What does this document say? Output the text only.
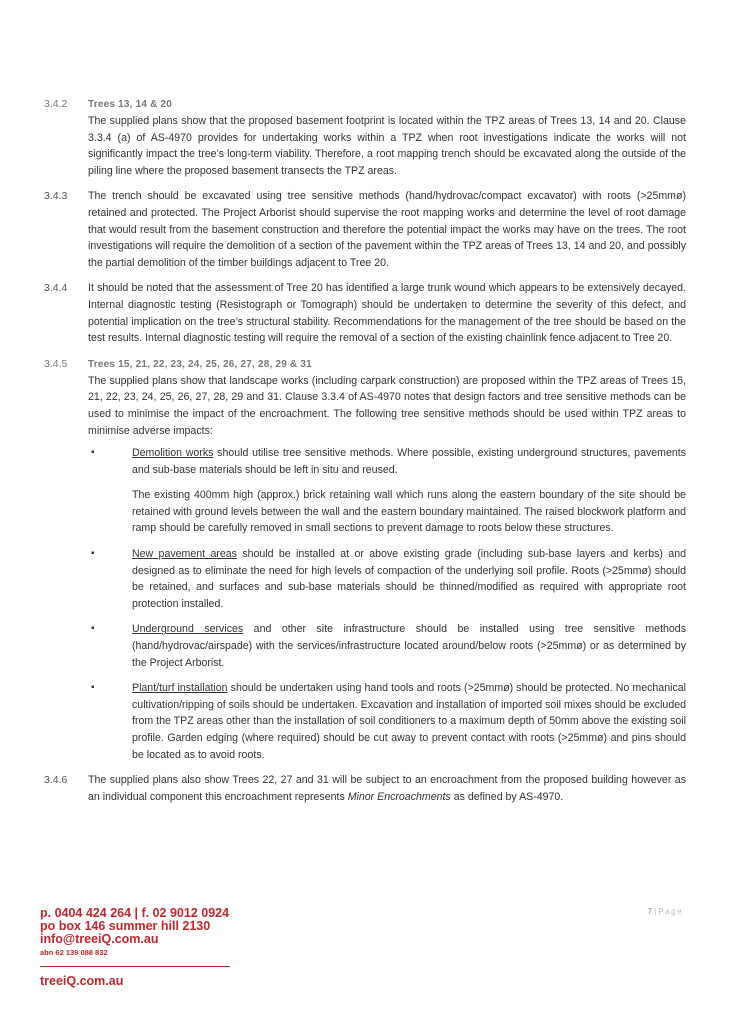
3.4.2 Trees 13, 14 & 20

The supplied plans show that the proposed basement footprint is located within the TPZ areas of Trees 13, 14 and 20. Clause 3.3.4 (a) of AS-4970 provides for undertaking works within a TPZ when root investigations indicate the works will not significantly impact the tree’s long-term viability. Therefore, a root mapping trench should be excavated along the outside of the piling line where the proposed basement transects the TPZ areas.

3.4.3 The trench should be excavated using tree sensitive methods (hand/hydrovac/compact excavator) with roots (>25mmø) retained and protected. The Project Arborist should supervise the root mapping works and determine the level of root damage that would result from the basement construction and therefore the potential impact the works may have on the trees. The root investigations will require the demolition of a section of the pavement within the TPZ areas of Trees 13, 14 and 20, and possibly the partial demolition of the timber buildings adjacent to Tree 20.

3.4.4 It should be noted that the assessment of Tree 20 has identified a large trunk wound which appears to be extensively decayed. Internal diagnostic testing (Resistograph or Tomograph) should be undertaken to determine the severity of this defect, and potential implication on the tree’s structural stability. Recommendations for the management of the tree should be based on the test results. Internal diagnostic testing will require the removal of a section of the existing chainlink fence adjacent to Tree 20.

3.4.5 Trees 15, 21, 22, 23, 24, 25, 26, 27, 28, 29 & 31

The supplied plans show that landscape works (including carpark construction) are proposed within the TPZ areas of Trees 15, 21, 22, 23, 24, 25, 26, 27, 28, 29 and 31. Clause 3.3.4 of AS-4970 notes that design factors and tree sensitive methods can be used to minimise the impact of the encroachment. The following tree sensitive methods should be used within TPZ areas to minimise adverse impacts:

▪	Demolition works should utilise tree sensitive methods. Where possible, existing underground structures, pavements and sub-base materials should be left in situ and reused.

The existing 400mm high (approx.) brick retaining wall which runs along the eastern boundary of the site should be retained with ground levels between the wall and the eastern boundary maintained. The raised blockwork platform and ramp should be carefully removed in small sections to prevent damage to roots below these structures.

▪	New pavement areas should be installed at or above existing grade (including sub-base layers and kerbs) and designed as to eliminate the need for high levels of compaction of the underlying soil profile. Roots (>25mmø) should be retained, and surfaces and sub-base materials should be thinned/modified as required with appropriate root protection installed.

▪	Underground services and other site infrastructure should be installed using tree sensitive methods (hand/hydrovac/airspade) with the services/infrastructure located around/below roots (>25mmø) or as determined by the Project Arborist.

▪	Plant/turf installation should be undertaken using hand tools and roots (>25mmø) should be protected. No mechanical cultivation/ripping of soils should be undertaken. Excavation and installation of imported soil mixes should be excluded from the TPZ areas other than the installation of soil conditioners to a maximum depth of 50mm above the existing soil profile. Garden edging (where required) should be cut away to prevent contact with roots (>25mmø) and pins should be located as to avoid roots.

3.4.6 The supplied plans also show Trees 22, 27 and 31 will be subject to an encroachment from the proposed building however as an individual component this encroachment represents Minor Encroachments as defined by AS-4970.

p. 0404 424 264 | f. 02 9012 0924
po box 146 summer hill 2130
info@treeiQ.com.au
abn 62 139 088 832
treeiQ.com.au
7 | Page
